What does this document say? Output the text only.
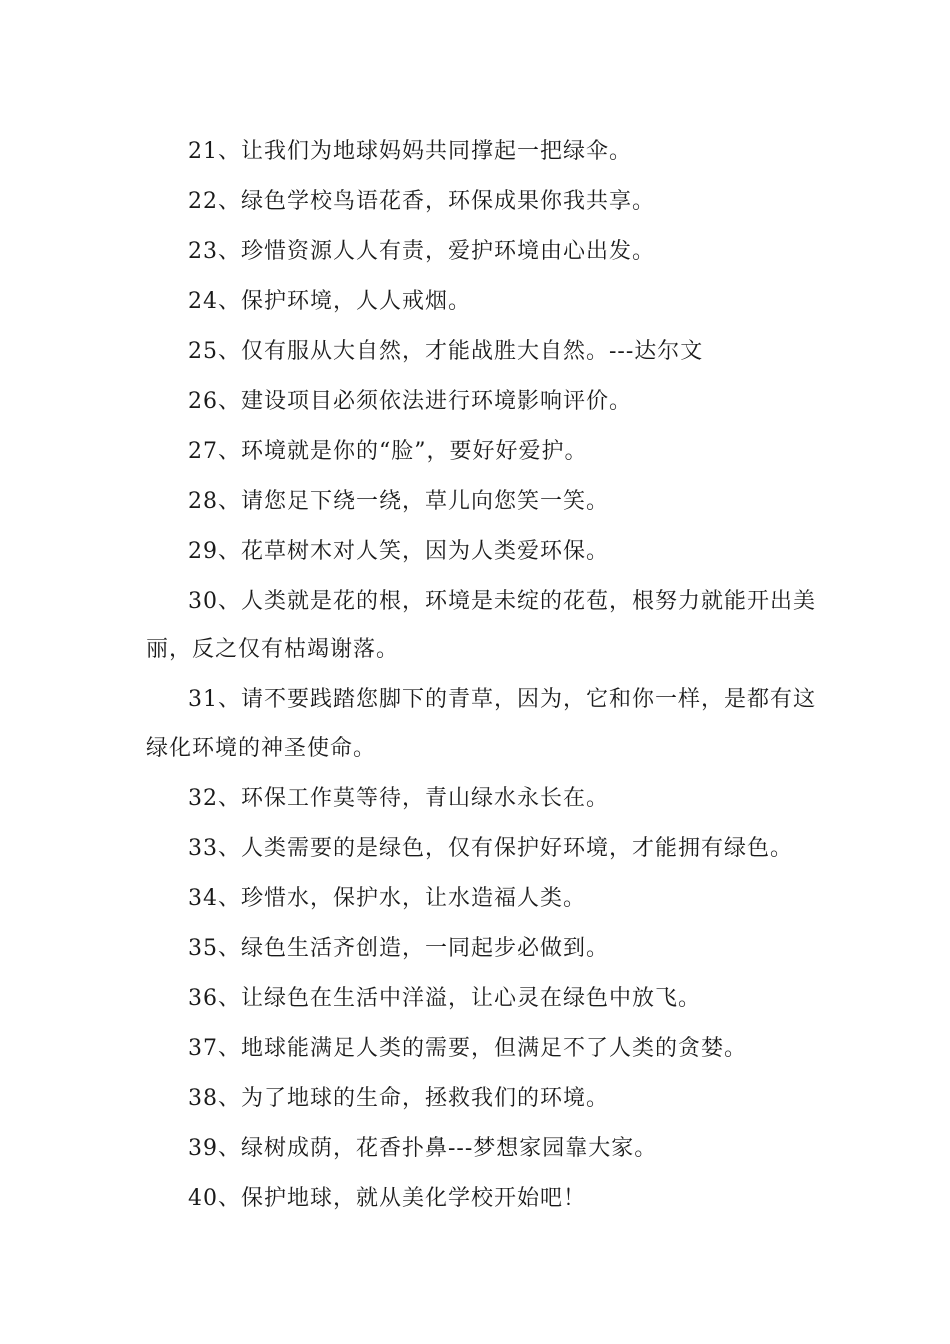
21、让我们为地球妈妈共同撑起一把绿伞。
22、绿色学校鸟语花香，环保成果你我共享。
23、珍惜资源人人有责，爱护环境由心出发。
24、保护环境，人人戒烟。
25、仅有服从大自然，才能战胜大自然。---达尔文
26、建设项目必须依法进行环境影响评价。
27、环境就是你的“脸”，要好好爱护。
28、请您足下绕一绕，草儿向您笑一笑。
29、花草树木对人笑，因为人类爱环保。
30、人类就是花的根，环境是未绽的花苞，根努力就能开出美
丽，反之仅有枯竭谢落。
31、请不要践踏您脚下的青草，因为，它和你一样，是都有这
绿化环境的神圣使命。
32、环保工作莫等待，青山绿水永长在。
33、人类需要的是绿色，仅有保护好环境，才能拥有绿色。
34、珍惜水，保护水，让水造福人类。
35、绿色生活齐创造，一同起步必做到。
36、让绿色在生活中洋溢，让心灵在绿色中放飞。
37、地球能满足人类的需要，但满足不了人类的贪婪。
38、为了地球的生命，拯救我们的环境。
39、绿树成荫，花香扑鼻---梦想家园靠大家。
40、保护地球，就从美化学校开始吧！
